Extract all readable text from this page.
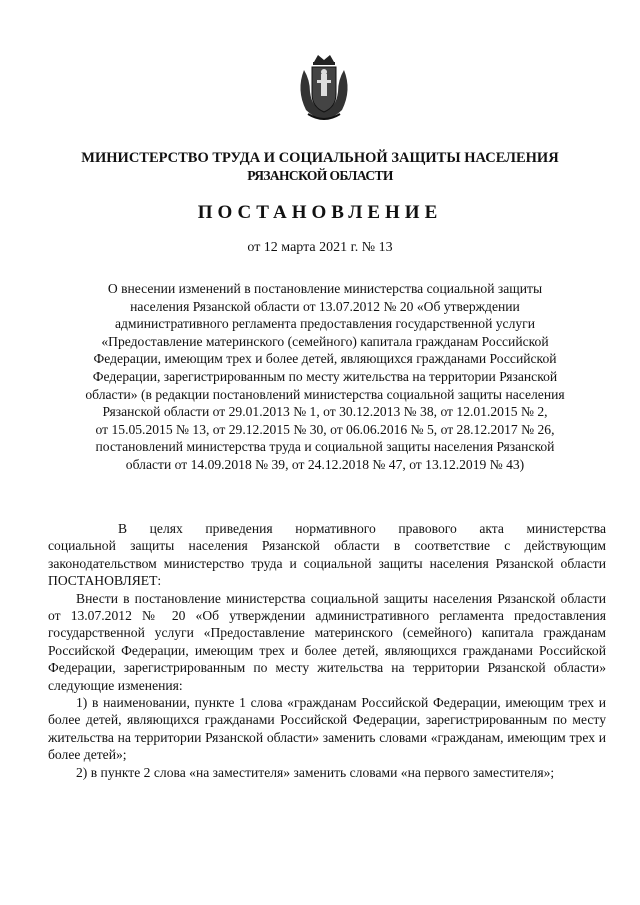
МИНИСТЕРСТВО ТРУДА И СОЦИАЛЬНОЙ ЗАЩИТЫ НАСЕЛЕНИЯ
РЯЗАНСКОЙ ОБЛАСТИ
ПОСТАНОВЛЕНИЕ
от 12 марта 2021 г. № 13
О внесении изменений в постановление министерства социальной защиты
населения Рязанской области от 13.07.2012 № 20 «Об утверждении
административного регламента предоставления государственной услуги
«Предоставление материнского (семейного) капитала гражданам Российской
Федерации, имеющим трех и более детей, являющихся гражданами Российской
Федерации, зарегистрированным по месту жительства на территории Рязанской
области» (в редакции постановлений министерства социальной защиты населения
Рязанской области от 29.01.2013 № 1, от 30.12.2013 № 38, от 12.01.2015 № 2,
от 15.05.2015 № 13, от 29.12.2015 № 30, от 06.06.2016 № 5, от 28.12.2017 № 26,
постановлений министерства труда и социальной защиты населения Рязанской
области от 14.09.2018 № 39, от 24.12.2018 № 47, от 13.12.2019 № 43)

В целях приведения нормативного правового акта министерства
социальной защиты населения Рязанской области в соответствие с действующим законодательством министерство труда и социальной защиты населения Рязанской области ПОСТАНОВЛЯЕТ:

Внести в постановление министерства социальной защиты населения Рязанской области от 13.07.2012 № 20 «Об утверждении административного регламента предоставления государственной услуги «Предоставление материнского (семейного) капитала гражданам Российской Федерации, имеющим трех и более детей, являющихся гражданами Российской Федерации, зарегистрированным по месту жительства на территории Рязанской области» следующие изменения:

1) в наименовании, пункте 1 слова «гражданам Российской Федерации, имеющим трех и более детей, являющихся гражданами Российской Федерации, зарегистрированным по месту жительства на территории Рязанской области» заменить словами «гражданам, имеющим трех и более детей»;

2) в пункте 2 слова «на заместителя» заменить словами «на первого заместителя»;
